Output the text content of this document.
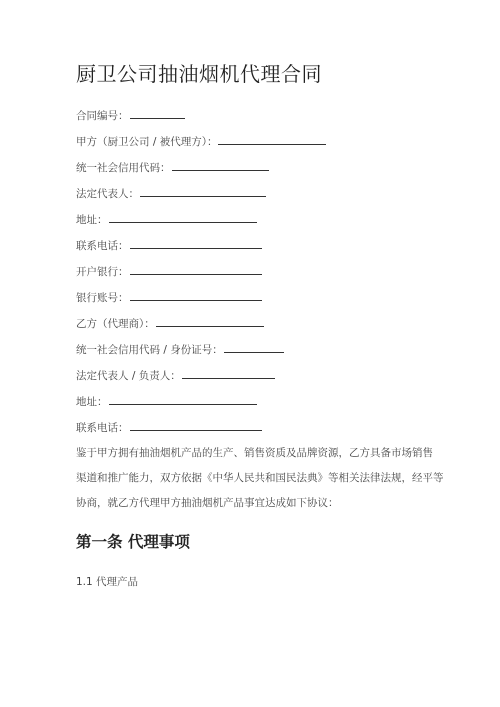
厨卫公司抽油烟机代理合同
合同编号：
甲方（厨卫公司 / 被代理方）：
统一社会信用代码：
法定代表人：
地址：
联系电话：
开户银行：
银行账号：
乙方（代理商）：
统一社会信用代码 / 身份证号：
法定代表人 / 负责人：
地址：
联系电话：
鉴于甲方拥有抽油烟机产品的生产、销售资质及品牌资源，乙方具备市场销售
渠道和推广能力，双方依据《中华人民共和国民法典》等相关法律法规，经平等
协商，就乙方代理甲方抽油烟机产品事宜达成如下协议：
第一条 代理事项
1.1 代理产品
